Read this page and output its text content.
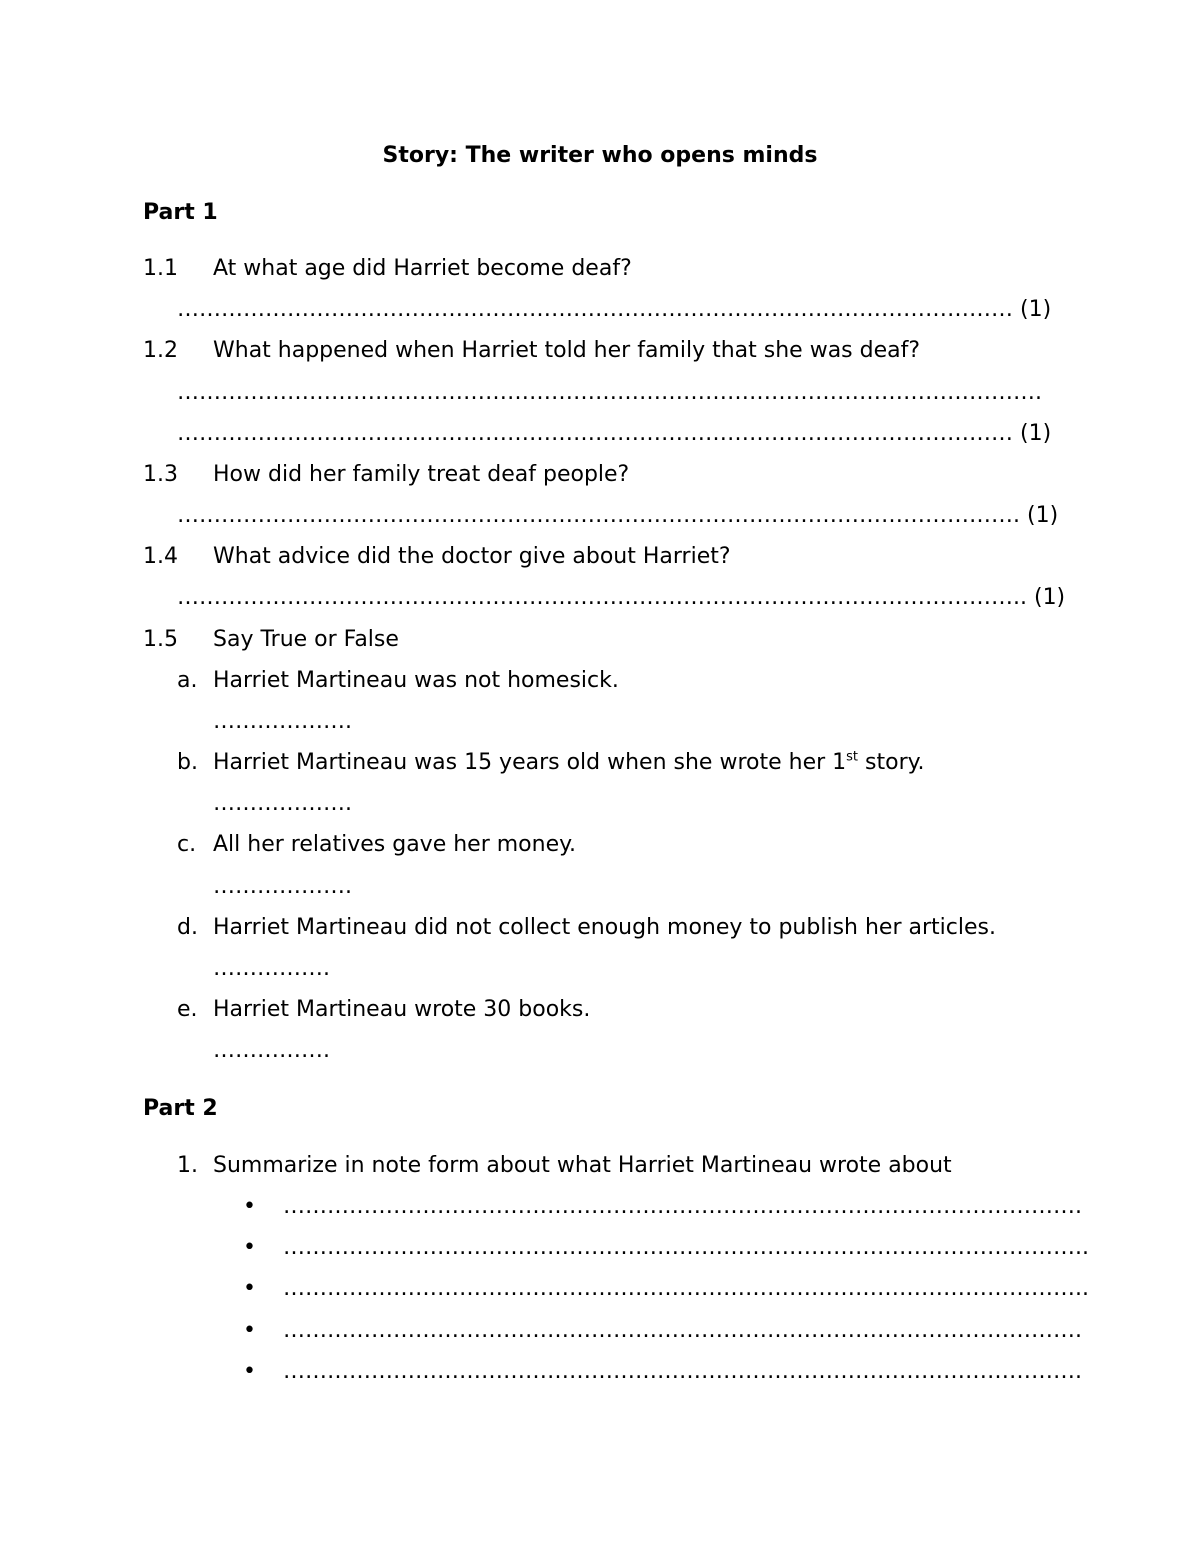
Story: The writer who opens minds
Part 1
1.1 At what age did Harriet become deaf?
…………………………………………………………………………………………………… (1)
1.2 What happened when Harriet told her family that she was deaf?
……………………………………………………………………………………………………….
…………………………………………………………………………………………………… (1)
1.3 How did her family treat deaf people?
……………………………………………………………………………………………………. (1)
1.4 What advice did the doctor give about Harriet?
…………………………………………………………………………………………………….. (1)
1.5 Say True or False
a. Harriet Martineau was not homesick.
……………….
b. Harriet Martineau was 15 years old when she wrote her 1st story.
……………….
c. All her relatives gave her money.
……………….
d. Harriet Martineau did not collect enough money to publish her articles.
…………….
e. Harriet Martineau wrote 30 books.
…………….
Part 2
1. Summarize in note form about what Harriet Martineau wrote about
• ……………………………………………………………………………………………….
• ………………………………………………………………………………………………..
• ………………………………………………………………………………………………..
• ……………………………………………………………………………………………….
• ……………………………………………………………………………………………….
